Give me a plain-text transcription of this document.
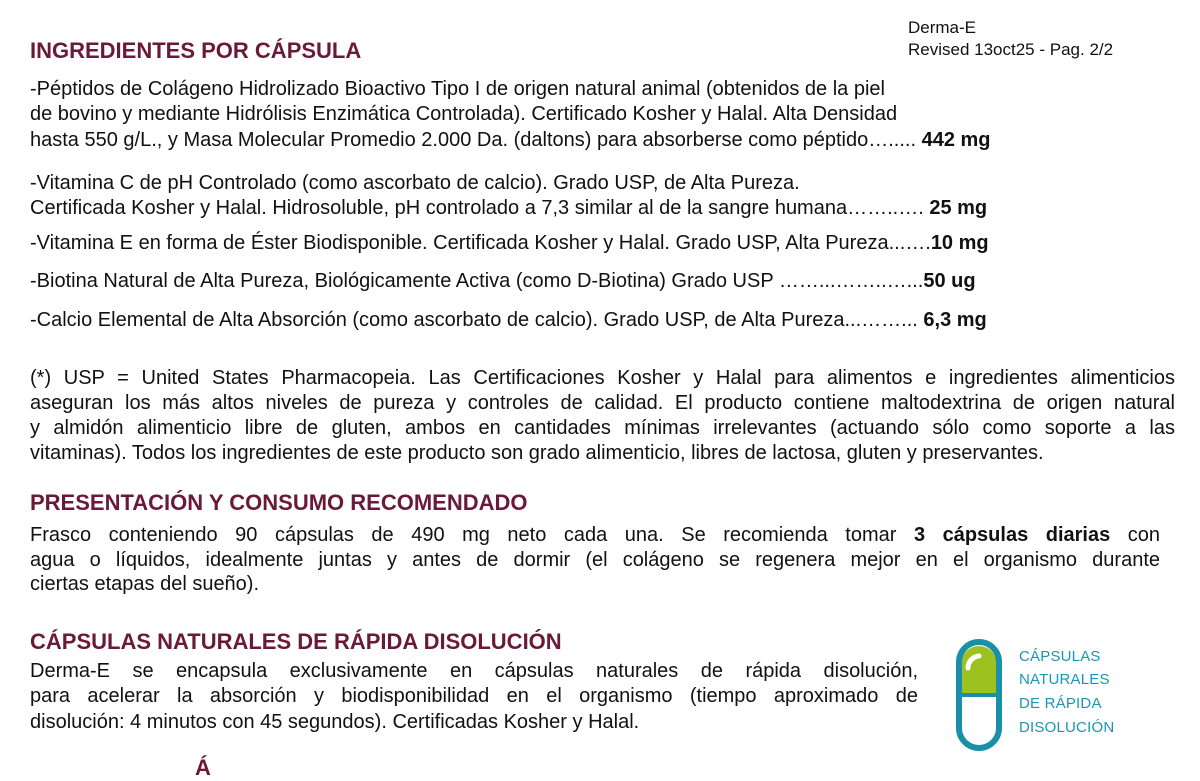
Derma-E
Revised 13oct25 - Pag. 2/2
INGREDIENTES POR CÁPSULA
-Péptidos de Colágeno Hidrolizado Bioactivo Tipo I de origen natural animal (obtenidos de la piel
de bovino y mediante Hidrólisis Enzimática Controlada). Certificado Kosher y Halal. Alta Densidad
hasta 550 g/L., y Masa Molecular Promedio 2.000 Da. (daltons) para absorberse como péptido…..... 442 mg
-Vitamina C de pH Controlado (como ascorbato de calcio). Grado USP, de Alta Pureza.
Certificada Kosher y Halal. Hidrosoluble, pH controlado a 7,3 similar al de la sangre humana……..…. 25 mg
-Vitamina E en forma de Éster Biodisponible. Certificada Kosher y Halal. Grado USP, Alta Pureza...….10 mg
-Biotina Natural de Alta Pureza, Biológicamente Activa (como D-Biotina) Grado USP ……...……..…...50 ug
-Calcio Elemental de Alta Absorción (como ascorbato de calcio). Grado USP, de Alta Pureza...……... 6,3 mg
(*) USP = United States Pharmacopeia. Las Certificaciones Kosher y Halal para alimentos e ingredientes alimenticios
aseguran los más altos niveles de pureza y controles de calidad. El producto contiene maltodextrina de origen natural
y almidón alimenticio libre de gluten, ambos en cantidades mínimas irrelevantes (actuando sólo como soporte a las
vitaminas). Todos los ingredientes de este producto son grado alimenticio, libres de lactosa, gluten y preservantes.
PRESENTACIÓN Y CONSUMO RECOMENDADO
Frasco conteniendo 90 cápsulas de 490 mg neto cada una. Se recomienda tomar 3 cápsulas diarias con
agua o líquidos, idealmente juntas y antes de dormir (el colágeno se regenera mejor en el organismo durante
ciertas etapas del sueño).
CÁPSULAS NATURALES DE RÁPIDA DISOLUCIÓN
Derma-E se encapsula exclusivamente en cápsulas naturales de rápida disolución,
para acelerar la absorción y biodisponibilidad en el organismo (tiempo aproximado de
disolución: 4 minutos con 45 segundos). Certificadas Kosher y Halal.
CÁPSULAS
NATURALES
DE RÁPIDA
DISOLUCIÓN
Á
